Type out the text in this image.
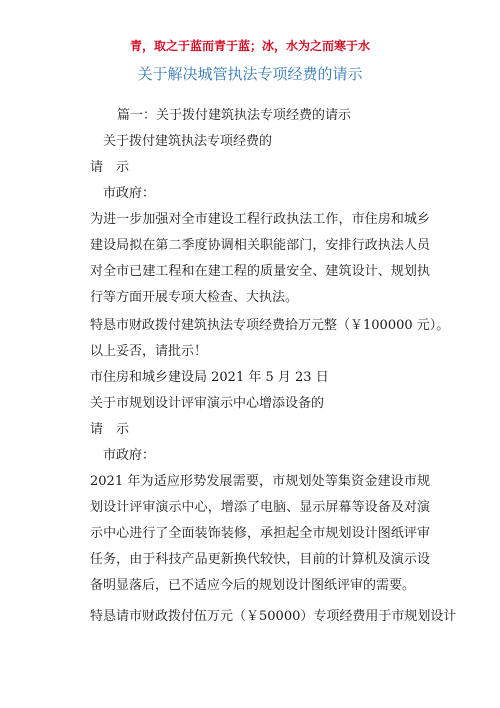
青，取之于蓝而青于蓝；冰，水为之而寒于水
关于解决城管执法专项经费的请示
篇一：关于拨付建筑执法专项经费的请示
关于拨付建筑执法专项经费的
请　示
市政府：
为进一步加强对全市建设工程行政执法工作，市住房和城乡建设局拟在第二季度协调相关职能部门，安排行政执法人员对全市已建工程和在建工程的质量安全、建筑设计、规划执行等方面开展专项大检查、大执法。
特恳市财政拨付建筑执法专项经费拾万元整（￥100000 元）。
以上妥否，请批示！
市住房和城乡建设局 2021 年 5 月 23 日
关于市规划设计评审演示中心增添设备的
请　示
市政府：
2021 年为适应形势发展需要，市规划处等集资金建设市规划设计评审演示中心，增添了电脑、显示屏幕等设备及对演示中心进行了全面装饰装修，承担起全市规划设计图纸评审任务，由于科技产品更新换代较快，目前的计算机及演示设备明显落后，已不适应今后的规划设计图纸评审的需要。
特恳请市财政拨付伍万元（￥50000）专项经费用于市规划设计
